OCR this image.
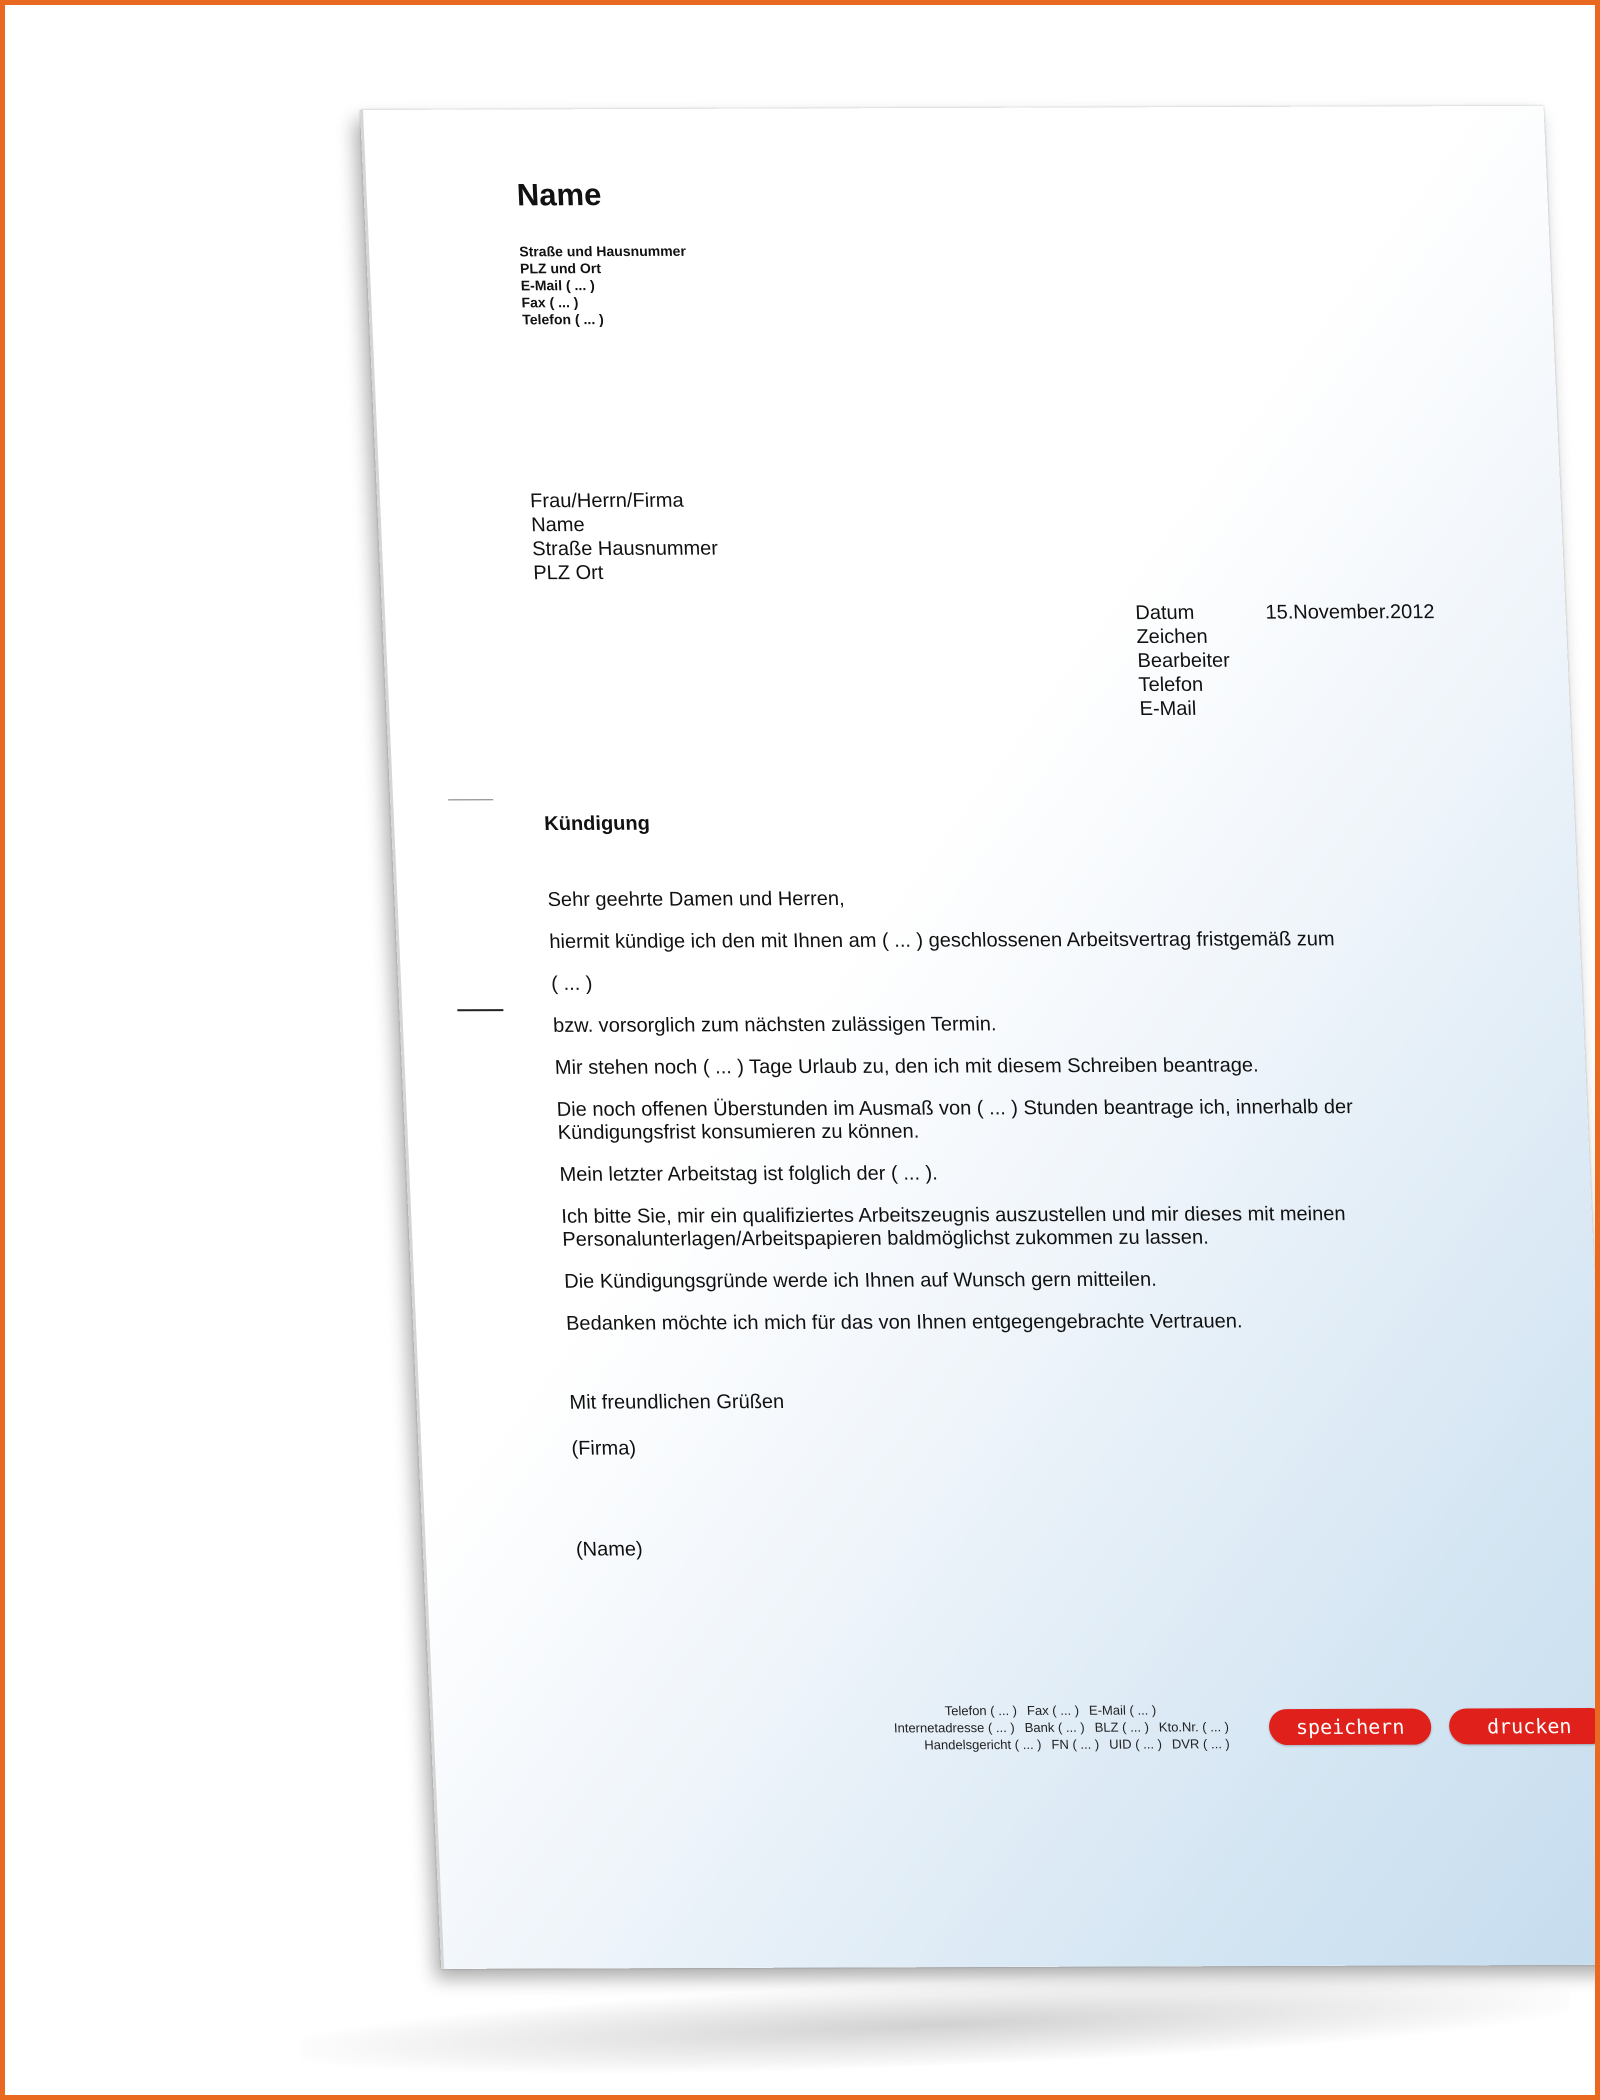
Name
Straße und Hausnummer
PLZ und Ort
E-Mail ( ... )
Fax ( ... )
Telefon ( ... )
Frau/Herrn/Firma
Name
Straße Hausnummer
PLZ Ort
Datum	15.November.2012
Zeichen
Bearbeiter
Telefon
E-Mail
Kündigung

Sehr geehrte Damen und Herren,

hiermit kündige ich den mit Ihnen am ( ... ) geschlossenen Arbeitsvertrag fristgemäß zum

( ... )

bzw. vorsorglich zum nächsten zulässigen Termin.

Mir stehen noch ( ... ) Tage Urlaub zu, den ich mit diesem Schreiben beantrage.

Die noch offenen Überstunden im Ausmaß von ( ... ) Stunden beantrage ich, innerhalb der Kündigungsfrist konsumieren zu können.

Mein letzter Arbeitstag ist folglich der ( ... ).

Ich bitte Sie, mir ein qualifiziertes Arbeitszeugnis auszustellen und mir dieses mit meinen Personalunterlagen/Arbeitspapieren baldmöglichst zukommen zu lassen.

Die Kündigungsgründe werde ich Ihnen auf Wunsch gern mitteilen.

Bedanken möchte ich mich für das von Ihnen entgegengebrachte Vertrauen.

Mit freundlichen Grüßen
(Firma)
(Name)
Telefon ( ... ) Fax ( ... ) E-Mail ( ... )
Internetadresse ( ... ) Bank ( ... ) BLZ ( ... ) Kto.Nr. ( ... )
Handelsgericht ( ... ) FN ( ... ) UID ( ... ) DVR ( ... )
speichern	drucken
